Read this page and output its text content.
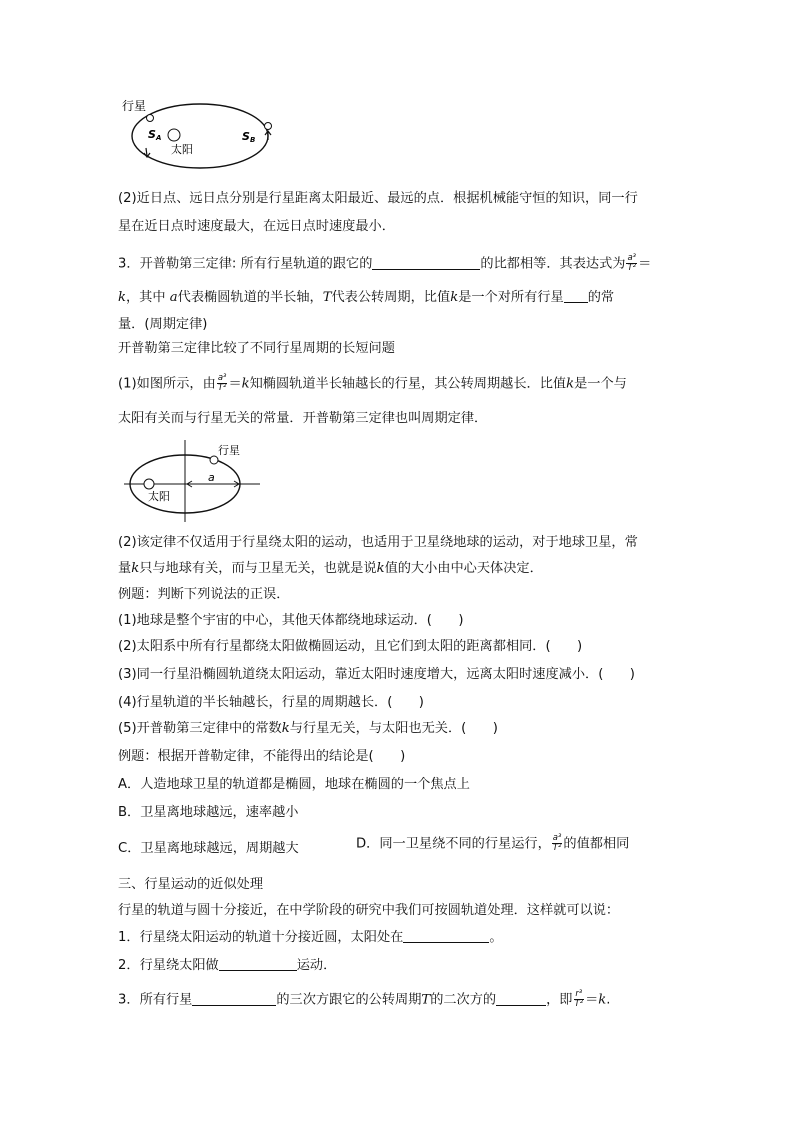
行星
太阳
SA	SB
(2)近日点、远日点分别是行星距离太阳最近、最远的点．根据机械能守恒的知识，同一行
星在近日点时速度最大，在远日点时速度最小．
3．开普勒第三定律: 所有行星轨道的跟它的	的比都相等．其表达式为 $\frac{\text{a³}}{\text{T²}}$ ＝
k，其中 a代表椭圆轨道的半长轴，T代表公转周期，比值k是一个对所有行星 的常
量．(周期定律)
开普勒第三定律比较了不同行星周期的长短问题
(1)如图所示，由 $\frac{\text{a³}}{\text{T²}} =k$知椭圆轨道半长轴越长的行星，其公转周期越长．比值k是一个与
太阳有关而与行星无关的常量．开普勒第三定律也叫周期定律．
太阳
行星
a
(2)该定律不仅适用于行星绕太阳的运动，也适用于卫星绕地球的运动，对于地球卫星，常
量k只与地球有关，而与卫星无关，也就是说k值的大小由中心天体决定．
例题：判断下列说法的正误．
(1)地球是整个宇宙的中心，其他天体都绕地球运动．(　　)
(2)太阳系中所有行星都绕太阳做椭圆运动，且它们到太阳的距离都相同．(　　)
(3)同一行星沿椭圆轨道绕太阳运动，靠近太阳时速度增大，远离太阳时速度减小．(　　)
(4)行星轨道的半长轴越长，行星的周期越长．(　　)
(5)开普勒第三定律中的常数k与行星无关，与太阳也无关．(　　)
例题：根据开普勒定律，不能得出的结论是(　　)
A．人造地球卫星的轨道都是椭圆，地球在椭圆的一个焦点上
B．卫星离地球越远，速率越小
C．卫星离地球越远，周期越大	D．同一卫星绕不同的行星运行， $\frac{\text{a³}}{\text{T²}}$ 的值都相同
三、行星运动的近似处理
行星的轨道与圆十分接近，在中学阶段的研究中我们可按圆轨道处理．这样就可以说：
1．行星绕太阳运动的轨道十分接近圆，太阳处在	。
2．行星绕太阳做	运动．
3．所有行星	的三次方跟它的公转周期T的二次方的	，即 $\frac{\text{r³}}{\text{T²}} =k$.
